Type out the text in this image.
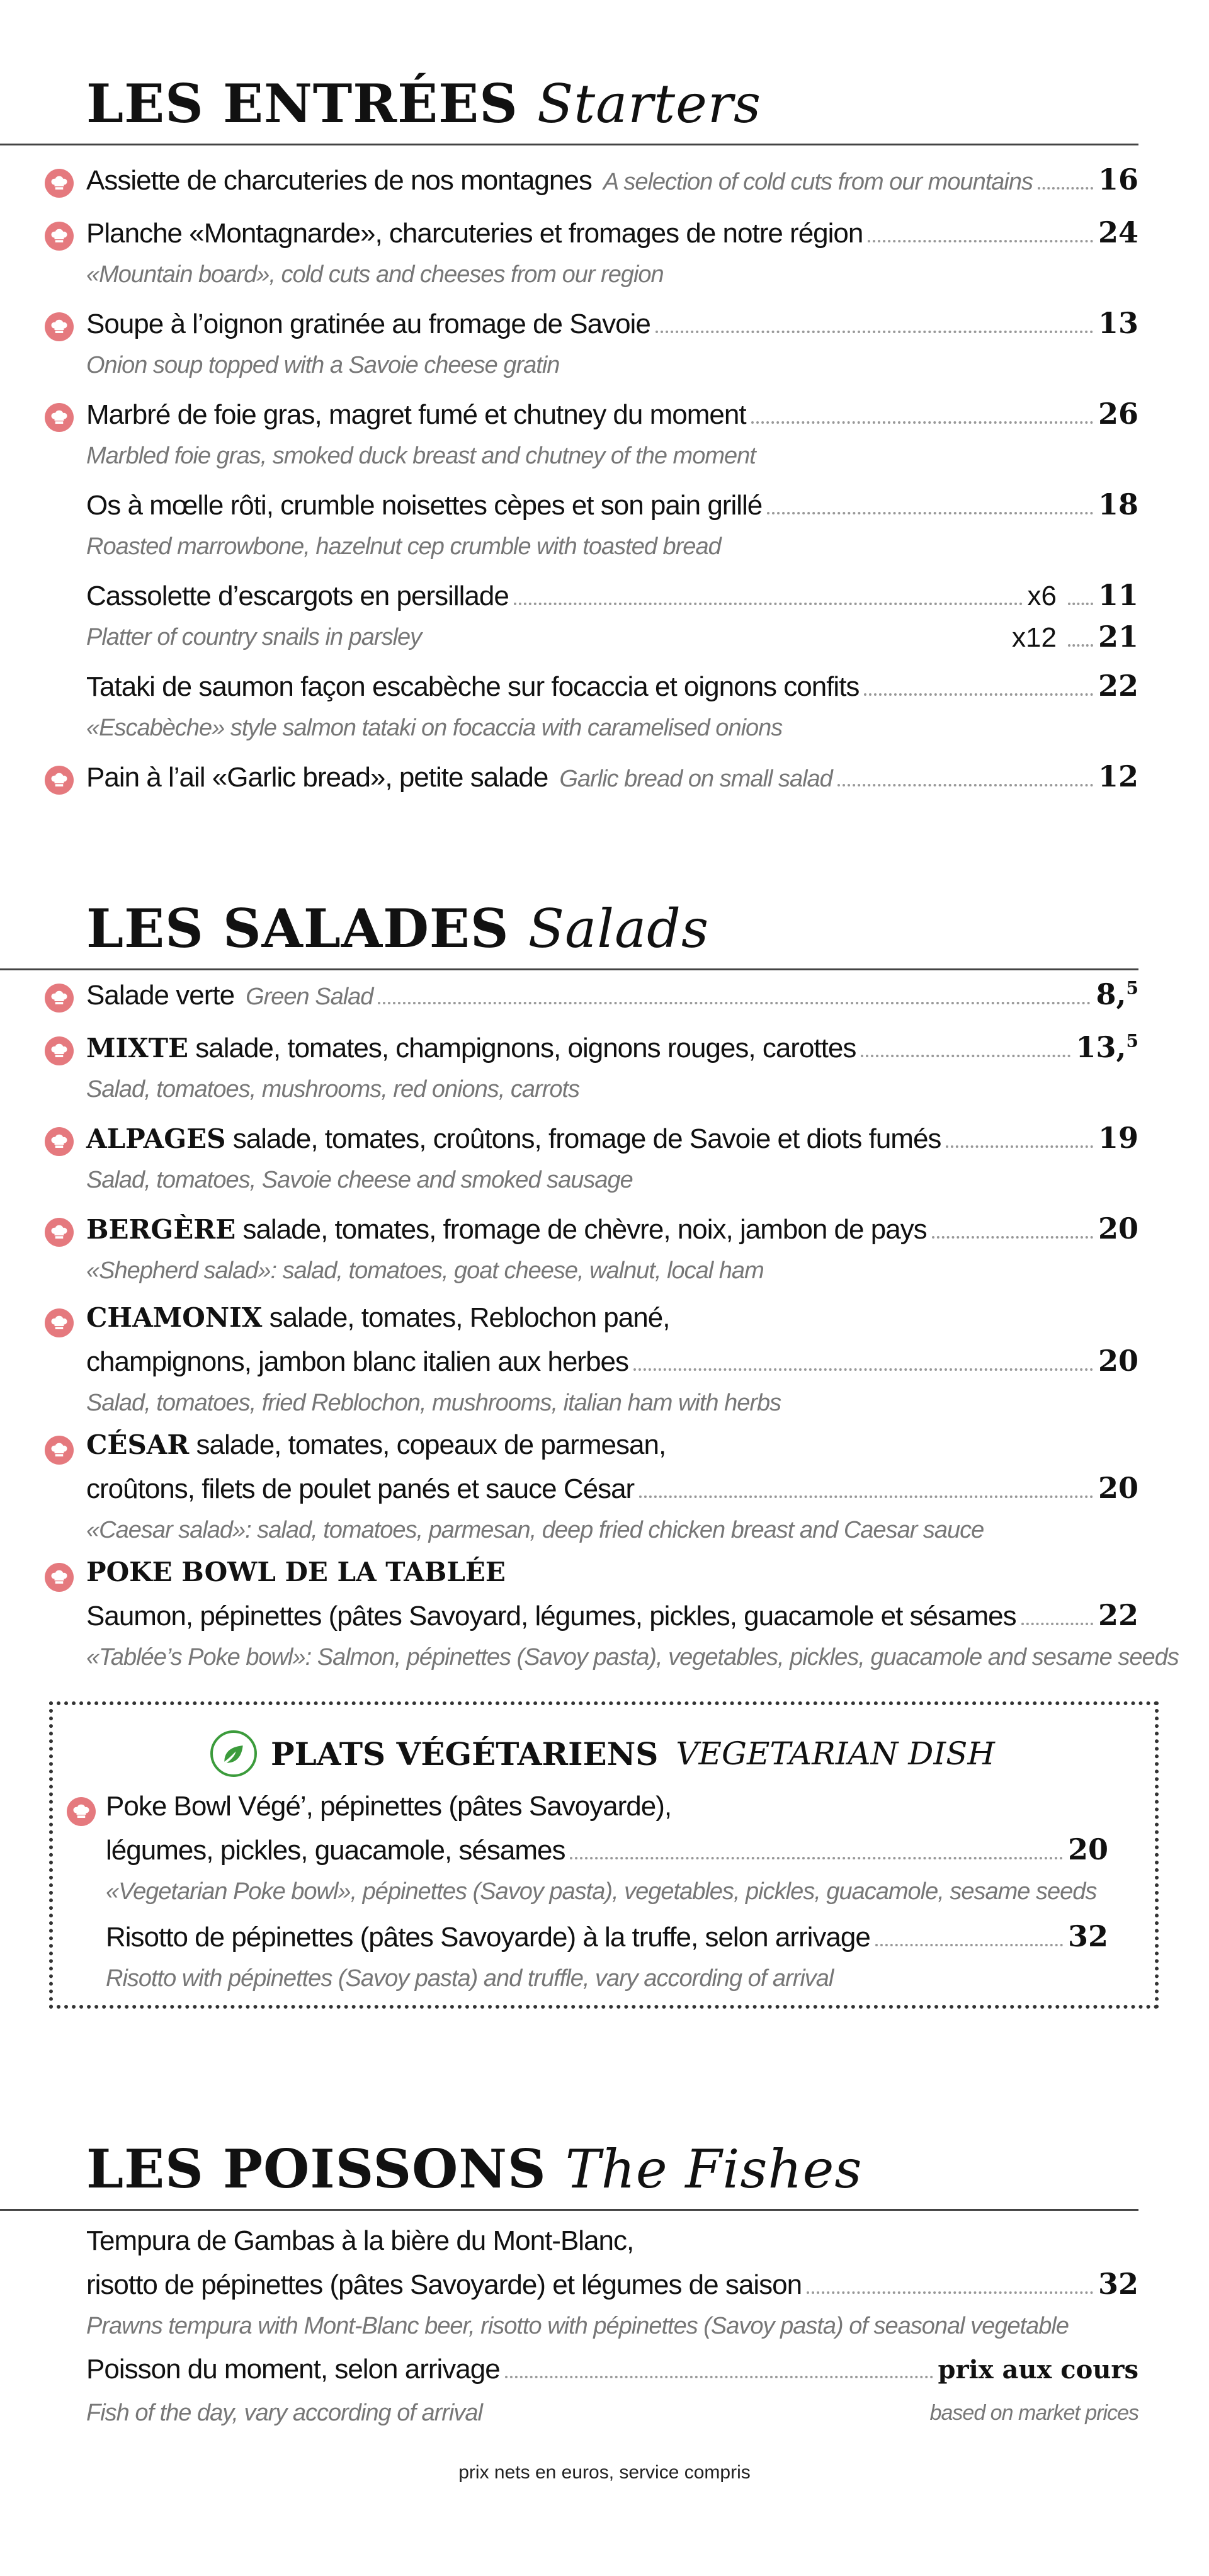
LES ENTRÉES Starters
Assiette de charcuteries de nos montagnes A selection of cold cuts from our mountains 16
Planche «Montagnarde», charcuteries et fromages de notre région	24
«Mountain board», cold cuts and cheeses from our region
Soupe à l’oignon gratinée au fromage de Savoie	13
Onion soup topped with a Savoie cheese gratin
Marbré de foie gras, magret fumé et chutney du moment	26
Marbled foie gras, smoked duck breast and chutney of the moment
Os à mœlle rôti, crumble noisettes cèpes et son pain grillé	18
Roasted marrowbone, hazelnut cep crumble with toasted bread
Cassolette d’escargots en persillade	x6 11
Platter of country snails in parsley	x12 21
Tataki de saumon façon escabèche sur focaccia et oignons confits	22
«Escabèche» style salmon tataki on focaccia with caramelised onions
Pain à l’ail «Garlic bread», petite salade Garlic bread on small salad	12
LES SALADES Salads
Salade verte Green Salad	8,$^5$
MIXTE salade, tomates, champignons, oignons rouges, carottes	13,$^5$
Salad, tomatoes, mushrooms, red onions, carrots
ALPAGES salade, tomates, croûtons, fromage de Savoie et diots fumés	19
Salad, tomatoes, Savoie cheese and smoked sausage
BERGÈRE salade, tomates, fromage de chèvre, noix, jambon de pays	20
«Shepherd salad»: salad, tomatoes, goat cheese, walnut, local ham
CHAMONIX salade, tomates, Reblochon pané,
champignons, jambon blanc italien aux herbes	20
Salad, tomatoes, fried Reblochon, mushrooms, italian ham with herbs
CÉSAR salade, tomates, copeaux de parmesan,
croûtons, filets de poulet panés et sauce César	20
«Caesar salad»: salad, tomatoes, parmesan, deep fried chicken breast and Caesar sauce
POKE BOWL DE LA TABLÉE
Saumon, pépinettes (pâtes Savoyard, légumes, pickles, guacamole et sésames	22
«Tablée’s Poke bowl»: Salmon, pépinettes (Savoy pasta), vegetables, pickles, guacamole and sesame seeds
PLATS VÉGÉTARIENS VEGETARIAN DISH
Poke Bowl Végé’, pépinettes (pâtes Savoyarde),
légumes, pickles, guacamole, sésames	20
«Vegetarian Poke bowl», pépinettes (Savoy pasta), vegetables, pickles, guacamole, sesame seeds
Risotto de pépinettes (pâtes Savoyarde) à la truffe, selon arrivage	32
Risotto with pépinettes (Savoy pasta) and truffle, vary according of arrival
LES POISSONS The Fishes
Tempura de Gambas à la bière du Mont-Blanc,
risotto de pépinettes (pâtes Savoyarde) et légumes de saison	32
Prawns tempura with Mont-Blanc beer, risotto with pépinettes (Savoy pasta) of seasonal vegetable
Poisson du moment, selon arrivage	prix aux cours
Fish of the day, vary according of arrival	based on market prices
prix nets en euros, service compris
